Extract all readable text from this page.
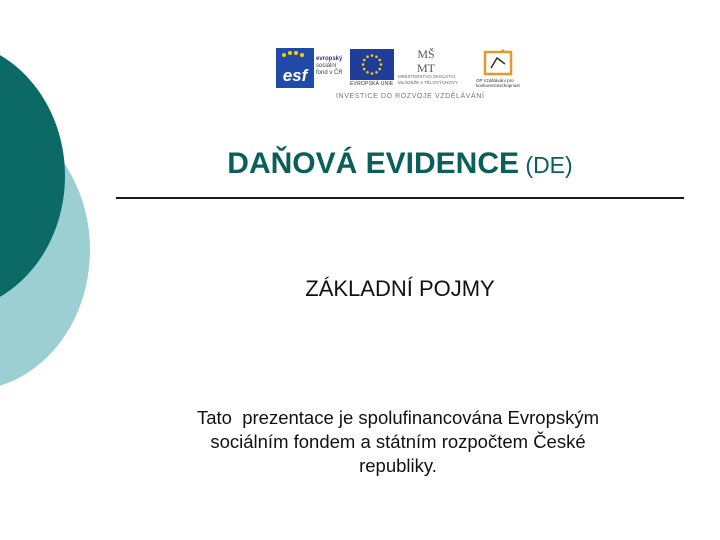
esf
evropský
sociální
fond v ČR
EVROPSKÁ UNIE
MŠ
MT
MINISTERSTVO ŠKOLSTVÍ, MLÁDEŽE A TĚLOVÝCHOVY	OP Vzdělávání pro konkurenceschopnost
INVESTICE DO ROZVOJE VZDĚLÁVÁNÍ
DAŇOVÁ EVIDENCE (DE)
ZÁKLADNÍ POJMY
Tato  prezentace je spolufinancována Evropským
sociálním fondem a státním rozpočtem České
republiky.
